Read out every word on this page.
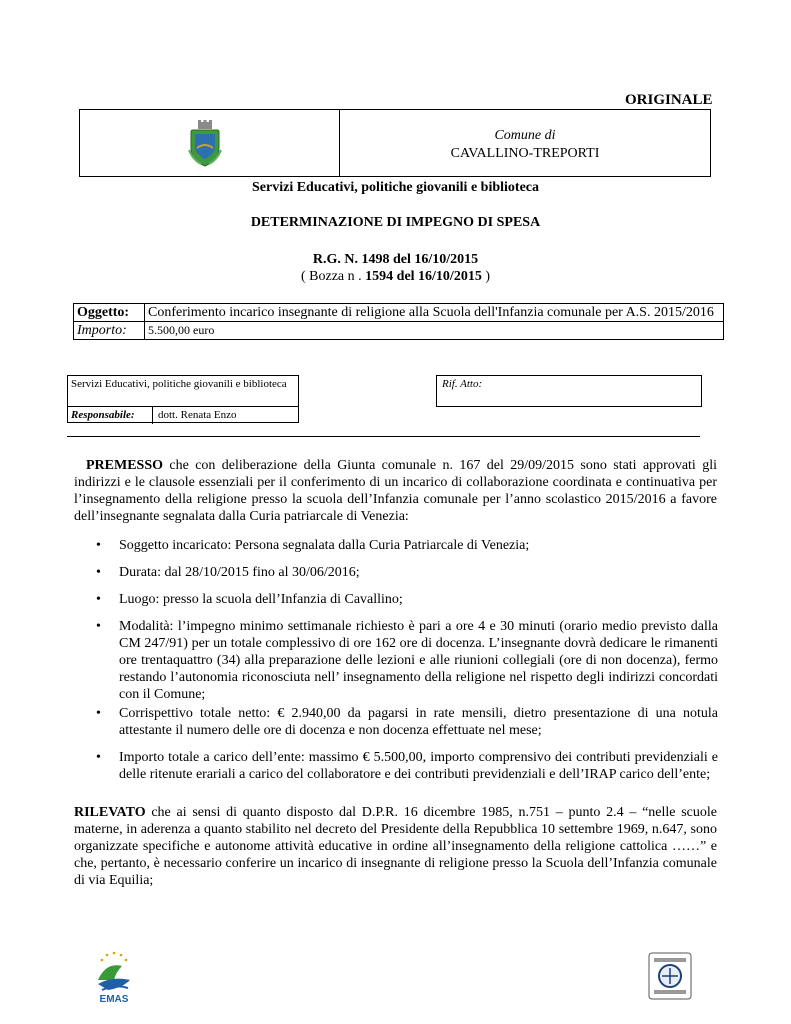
ORIGINALE
Comune di
CAVALLINO-TREPORTI
Servizi Educativi, politiche giovanili e biblioteca
DETERMINAZIONE DI IMPEGNO DI SPESA
R.G. N. 1498 del 16/10/2015
( Bozza n . 1594 del 16/10/2015 )
Oggetto:	Conferimento incarico insegnante di religione alla Scuola dell'Infanzia comunale per A.S. 2015/2016
Importo:	5.500,00 euro
Servizi Educativi, politiche giovanili e biblioteca
Responsabile: dott. Renata Enzo
Rif. Atto:

PREMESSO che con deliberazione della Giunta comunale n. 167 del 29/09/2015 sono stati approvati gli indirizzi e le clausole essenziali per il conferimento di un incarico di collaborazione coordinata e continuativa per l’insegnamento della religione presso la scuola dell’Infanzia comunale per l’anno scolastico 2015/2016 a favore dell’insegnante segnalata dalla Curia patriarcale di Venezia:

• Soggetto incaricato: Persona segnalata dalla Curia Patriarcale di Venezia;
• Durata: dal 28/10/2015 fino al 30/06/2016;
• Luogo: presso la scuola dell’Infanzia di Cavallino;
• Modalità: l’impegno minimo settimanale richiesto è pari a ore 4 e 30 minuti (orario medio previsto dalla CM 247/91) per un totale complessivo di ore 162 ore di docenza. L’insegnante dovrà dedicare le rimanenti ore trentaquattro (34) alla preparazione delle lezioni e alle riunioni collegiali (ore di non docenza), fermo restando l’autonomia riconosciuta nell’ insegnamento della religione nel rispetto degli indirizzi concordati con il Comune;
• Corrispettivo totale netto: € 2.940,00 da pagarsi in rate mensili, dietro presentazione di una notula attestante il numero delle ore di docenza e non docenza effettuate nel mese;
• Importo totale a carico dell’ente: massimo € 5.500,00, importo comprensivo dei contributi previdenziali e delle ritenute erariali a carico del collaboratore e dei contributi previdenziali e dell’IRAP carico dell’ente;

RILEVATO che ai sensi di quanto disposto dal D.P.R. 16 dicembre 1985, n.751 – punto 2.4 – “nelle scuole materne, in aderenza a quanto stabilito nel decreto del Presidente della Repubblica 10 settembre 1969, n.647, sono organizzate specifiche e autonome attività educative in ordine all’insegnamento della religione cattolica ……” e che, pertanto, è necessario conferire un incarico di insegnante di religione presso la Scuola dell’Infanzia comunale di via Equilia;

EMAS
